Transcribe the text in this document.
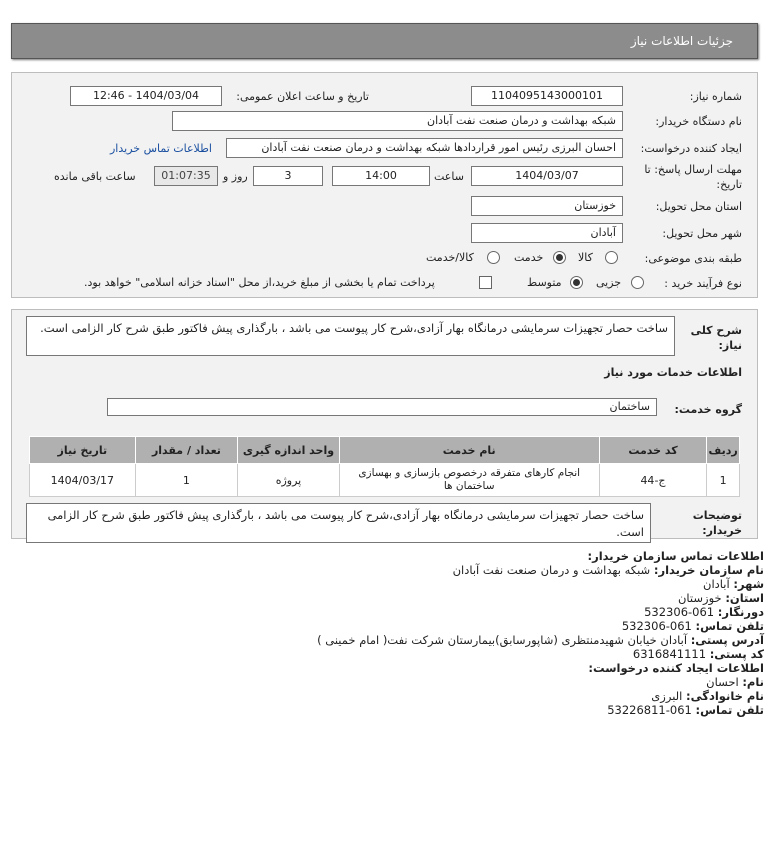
جزئیات اطلاعات نیاز
شماره نیاز:
1104095143000101
تاریخ و ساعت اعلان عمومی:
1404/03/04 - 12:46
نام دستگاه خریدار:
شبکه بهداشت و درمان صنعت نفت آبادان
ایجاد کننده درخواست:
احسان البرزی رئیس امور قراردادها شبکه بهداشت و درمان صنعت نفت آبادان
اطلاعات تماس خریدار
مهلت ارسال پاسخ: تا
تاریخ:
1404/03/07
ساعت
14:00
3
روز و
01:07:35
ساعت باقی مانده
استان محل تحویل:
خوزستان
شهر محل تحویل:
آبادان
طبقه بندی موضوعی:
کالا
خدمت
کالا/خدمت
نوع فرآیند خرید :
جزیی
متوسط
پرداخت تمام یا بخشی از مبلغ خرید،از محل "اسناد خزانه اسلامی" خواهد بود.
شرح کلی
نیاز:
ساخت حصار تجهیزات سرمایشی درمانگاه بهار آزادی،شرح کار پیوست می باشد ، بارگذاری پیش فاکتور طبق شرح کار الزامی است.
اطلاعات خدمات مورد نیاز
گروه خدمت:
ساختمان
ردیف	کد خدمت	نام خدمت	واحد اندازه گیری	تعداد / مقدار	تاریخ نیاز
1	ج-44	انجام کارهای متفرقه درخصوص بازسازی و بهسازی ساختمان ها	پروژه	1	1404/03/17
توضیحات
خریدار:
ساخت حصار تجهیزات سرمایشی درمانگاه بهار آزادی،شرح کار پیوست می باشد ، بارگذاری پیش فاکتور طبق شرح کار الزامی است.
اطلاعات تماس سازمان خریدار:
نام سازمان خریدار: شبکه بهداشت و درمان صنعت نفت آبادان
شهر: آبادان
استان: خوزستان
دورنگار: 061-532306
تلفن تماس: 061-532306
آدرس پستی: آبادان خیابان شهیدمنتظری (شاپورسابق)بیمارستان شرکت نفت( امام خمینی )
کد پستی: 6316841111
اطلاعات ایجاد کننده درخواست:
نام: احسان
نام خانوادگی: البرزی
تلفن تماس: 061-53226811
